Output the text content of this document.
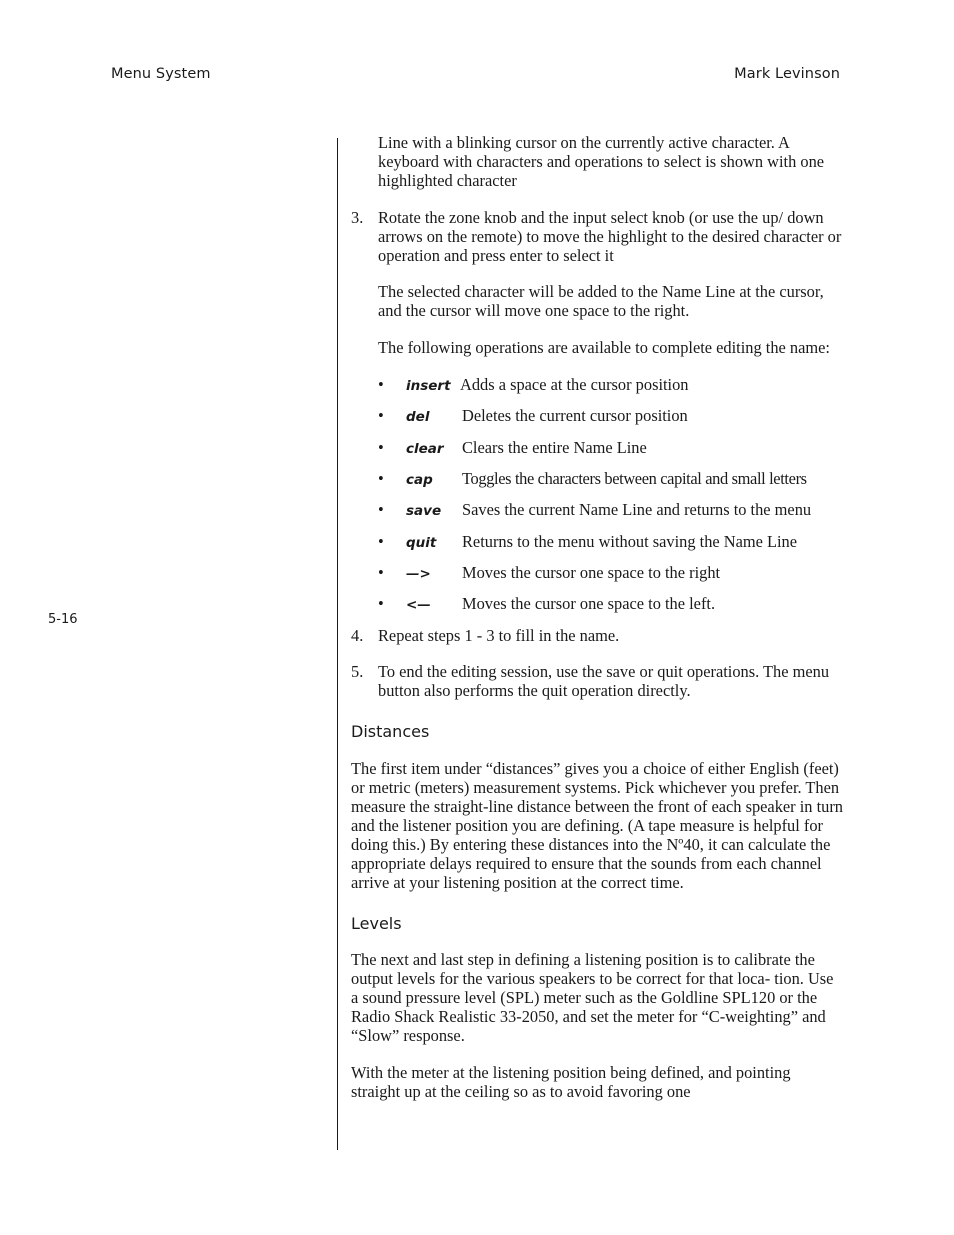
Menu System	Mark Levinson
5-16

Line with a blinking cursor on the currently active character. A keyboard with characters and operations to select is shown with one highlighted character

3. Rotate the zone knob and the input select knob (or use the up/ down arrows on the remote) to move the highlight to the desired character or operation and press enter to select it

The selected character will be added to the Name Line at the cursor, and the cursor will move one space to the right.

The following operations are available to complete editing the name:

• insert Adds a space at the cursor position
• del Deletes the current cursor position
• clear Clears the entire Name Line
• cap Toggles the characters between capital and small letters
• save Saves the current Name Line and returns to the menu
• quit Returns to the menu without saving the Name Line
• —> Moves the cursor one space to the right
• <— Moves the cursor one space to the left.
4. Repeat steps 1 - 3 to fill in the name.

5. To end the editing session, use the save or quit operations. The menu button also performs the quit operation directly.

Distances

The first item under “distances” gives you a choice of either English (feet) or metric (meters) measurement systems. Pick whichever you prefer. Then measure the straight-line distance between the front of each speaker in turn and the listener position you are defining. (A tape measure is helpful for doing this.) By entering these distances into the Nº40, it can calculate the appropriate delays required to ensure that the sounds from each channel arrive at your listening position at the correct time.

Levels

The next and last step in defining a listening position is to calibrate the output levels for the various speakers to be correct for that loca- tion. Use a sound pressure level (SPL) meter such as the Goldline SPL120 or the Radio Shack Realistic 33-2050, and set the meter for “C-weighting” and “Slow” response.

With the meter at the listening position being defined, and pointing straight up at the ceiling so as to avoid favoring one
